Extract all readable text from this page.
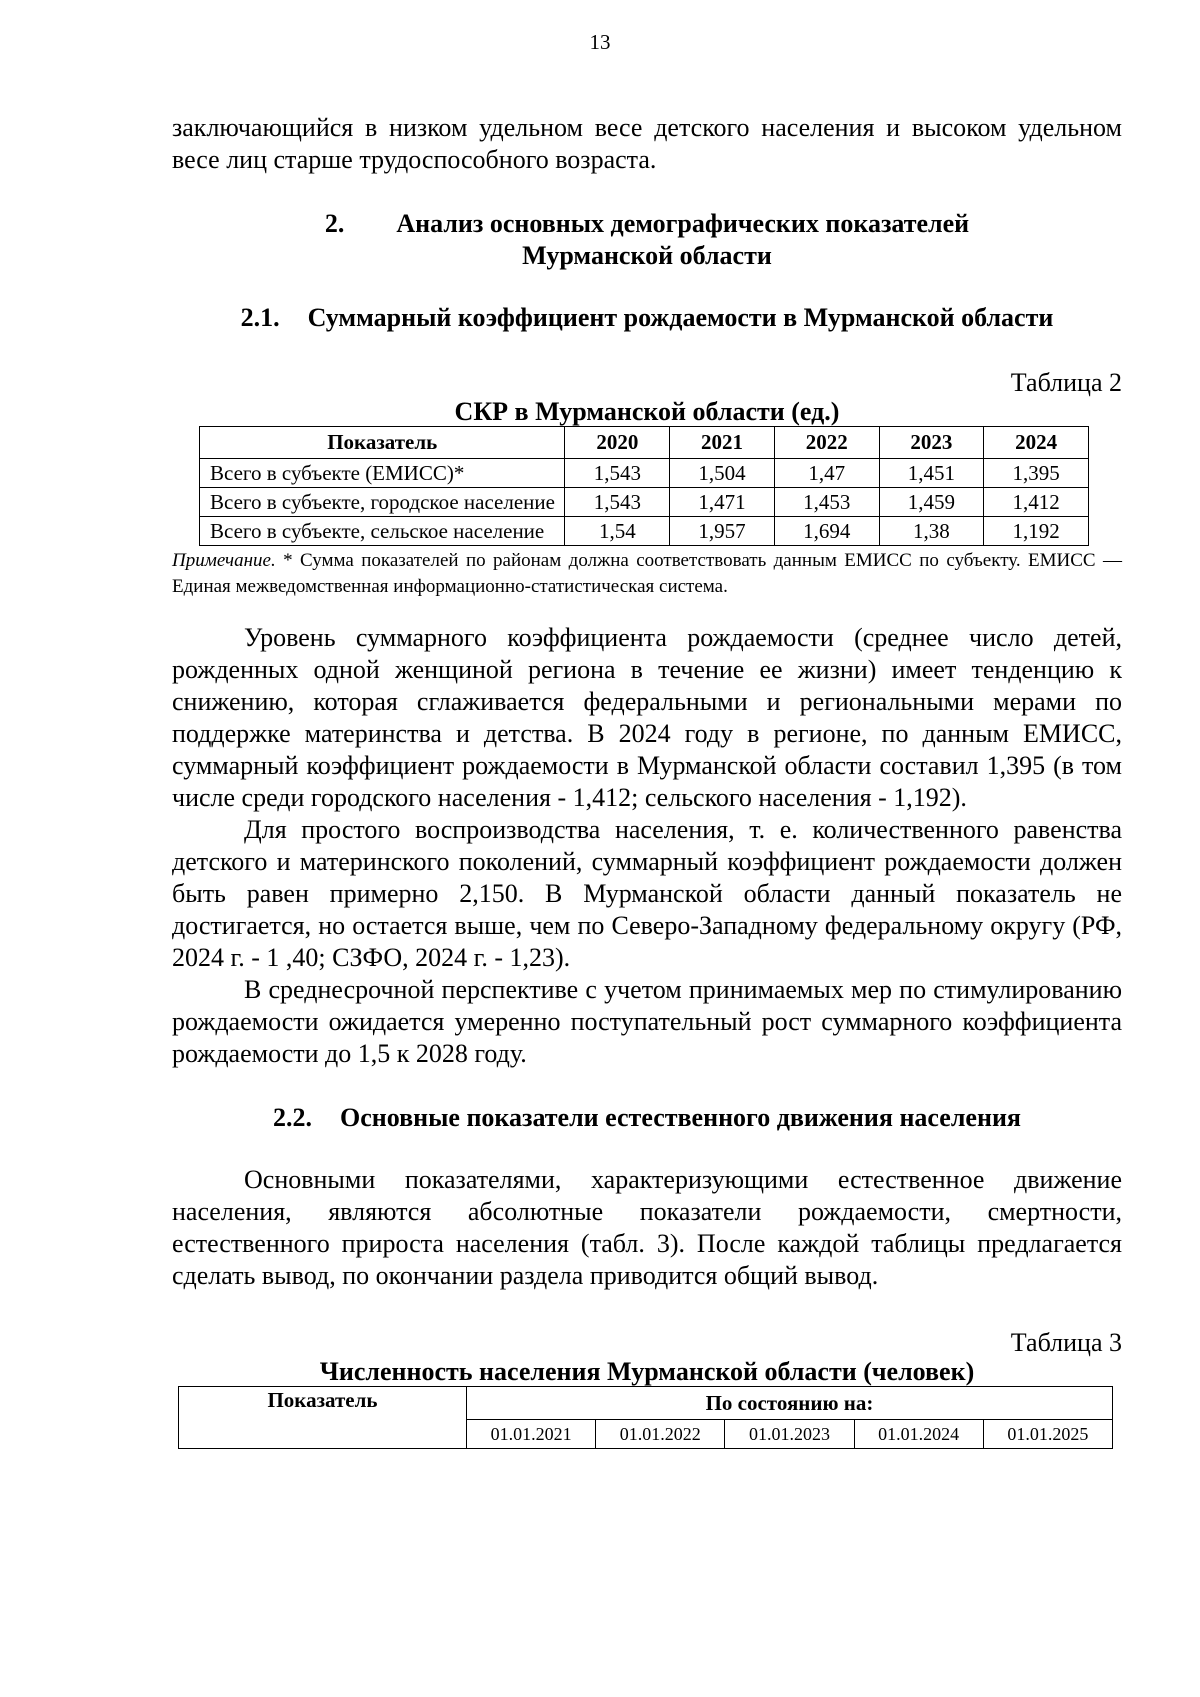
13

заключающийся в низком удельном весе детского населения и высоком удельном весе лиц старше трудоспособного возраста.

2. Анализ основных демографических показателей
Мурманской области
2.1. Суммарный коэффициент рождаемости в Мурманской области
Таблица 2
СКР в Мурманской области (ед.)
Показатель	2020	2021	2022	2023	2024
Всего в субъекте (ЕМИСС)*	1,543	1,504	1,47	1,451	1,395
Всего в субъекте, городское население	1,543	1,471	1,453	1,459	1,412
Всего в субъекте, сельское население	1,54	1,957	1,694	1,38	1,192

Примечание. * Сумма показателей по районам должна соответствовать данным ЕМИСС по субъекту. ЕМИСС — Единая межведомственная информационно-статистическая система.

Уровень суммарного коэффициента рождаемости (среднее число детей, рожденных одной женщиной региона в течение ее жизни) имеет тенденцию к снижению, которая сглаживается федеральными и региональными мерами по поддержке материнства и детства. В 2024 году в регионе, по данным ЕМИСС, суммарный коэффициент рождаемости в Мурманской области составил 1,395 (в том числе среди городского населения - 1,412; сельского населения - 1,192).

Для простого воспроизводства населения, т. е. количественного равенства детского и материнского поколений, суммарный коэффициент рождаемости должен быть равен примерно 2,150. В Мурманской области данный показатель не достигается, но остается выше, чем по Северо-Западному федеральному округу (РФ, 2024 г. - 1 ,40; СЗФО, 2024 г. - 1,23).

В среднесрочной перспективе с учетом принимаемых мер по стимулированию рождаемости ожидается умеренно поступательный рост суммарного коэффициента рождаемости до 1,5 к 2028 году.

2.2. Основные показатели естественного движения населения

Основными показателями, характеризующими естественное движение населения, являются абсолютные показатели рождаемости, смертности, естественного прироста населения (табл. 3). После каждой таблицы предлагается сделать вывод, по окончании раздела приводится общий вывод.

Таблица 3
Численность населения Мурманской области (человек)
Показатель	По состоянию на:				
	01.01.2021	01.01.2022	01.01.2023	01.01.2024	01.01.2025
